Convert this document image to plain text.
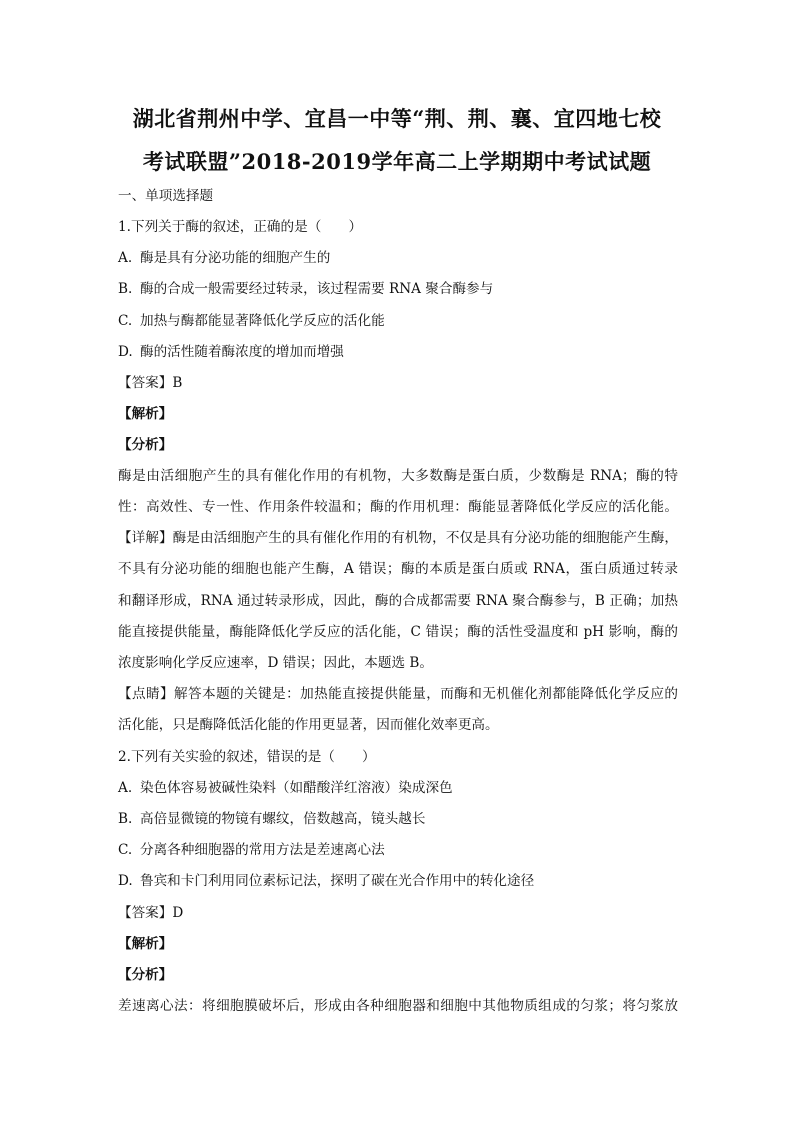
湖北省荆州中学、宜昌一中等“荆、荆、襄、宜四地七校
考试联盟”2018-2019学年高二上学期期中考试试题
一、单项选择题
1.下列关于酶的叙述，正确的是（　　）
A. 酶是具有分泌功能的细胞产生的
B. 酶的合成一般需要经过转录，该过程需要 RNA 聚合酶参与
C. 加热与酶都能显著降低化学反应的活化能
D. 酶的活性随着酶浓度的增加而增强
【答案】B
【解析】
【分析】
酶是由活细胞产生的具有催化作用的有机物，大多数酶是蛋白质，少数酶是 RNA；酶的特
性：高效性、专一性、作用条件较温和；酶的作用机理：酶能显著降低化学反应的活化能。
【详解】酶是由活细胞产生的具有催化作用的有机物，不仅是具有分泌功能的细胞能产生酶，
不具有分泌功能的细胞也能产生酶，A 错误；酶的本质是蛋白质或 RNA，蛋白质通过转录
和翻译形成，RNA 通过转录形成，因此，酶的合成都需要 RNA 聚合酶参与，B 正确；加热
能直接提供能量，酶能降低化学反应的活化能，C 错误；酶的活性受温度和 pH 影响，酶的
浓度影响化学反应速率，D 错误；因此，本题选 B。
【点睛】解答本题的关键是：加热能直接提供能量，而酶和无机催化剂都能降低化学反应的
活化能，只是酶降低活化能的作用更显著，因而催化效率更高。
2.下列有关实验的叙述，错误的是（　　）
A. 染色体容易被碱性染料（如醋酸洋红溶液）染成深色
B. 高倍显微镜的物镜有螺纹，倍数越高，镜头越长
C. 分离各种细胞器的常用方法是差速离心法
D. 鲁宾和卡门利用同位素标记法，探明了碳在光合作用中的转化途径
【答案】D
【解析】
【分析】
差速离心法：将细胞膜破坏后，形成由各种细胞器和细胞中其他物质组成的匀浆；将匀浆放
